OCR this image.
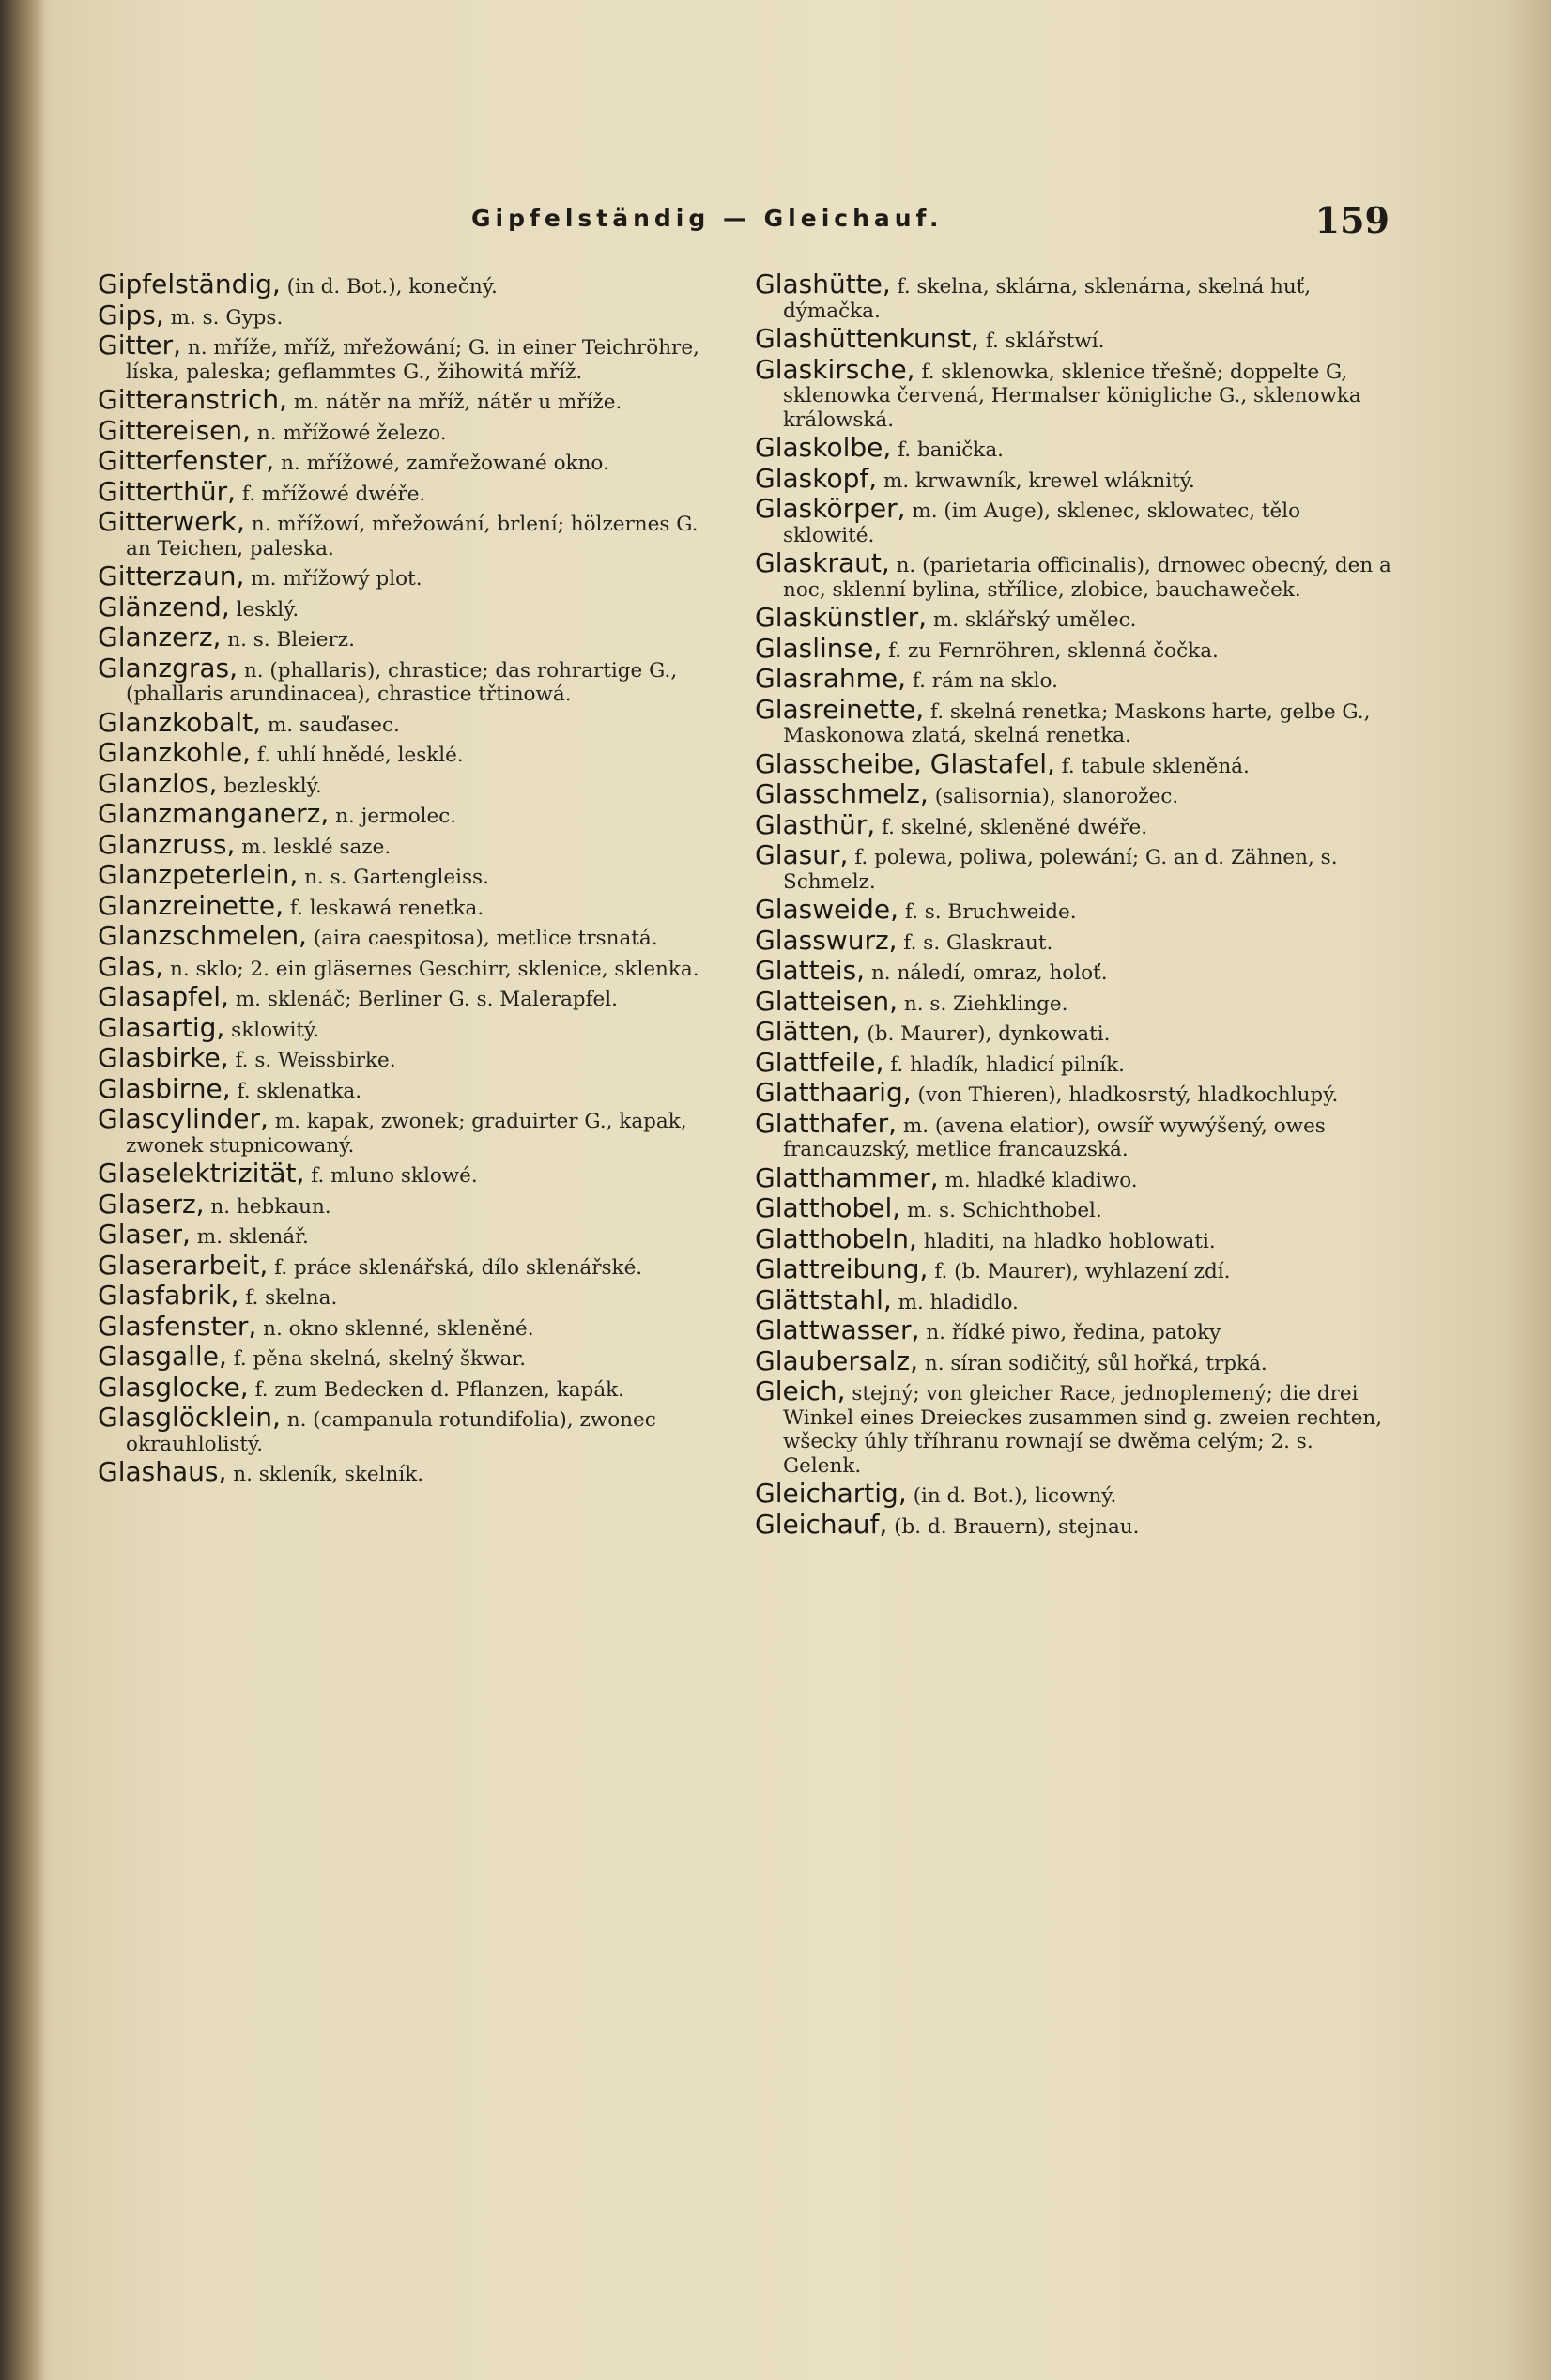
Gipfelständig — Gleichauf.	159

Gipfelständig, (in d. Bot.), konečný.

Gips, m. s. Gyps.

Gitter, n. mříže, mříž, mřežowání; G. in einer Teichröhre, líska, paleska; geflammtes G., žihowitá mříž.

Gitteranstrich, m. nátěr na mříž, nátěr u mříže.

Gittereisen, n. mřížowé železo.

Gitterfenster, n. mřížowé, zamřežowané okno.

Gitterthür, f. mřížowé dwéře.

Gitterwerk, n. mřížowí, mřežowání, brlení; hölzernes G. an Teichen, paleska.

Gitterzaun, m. mřížowý plot.

Glänzend, lesklý.

Glanzerz, n. s. Bleierz.

Glanzgras, n. (phallaris), chrastice; das rohrartige G., (phallaris arundinacea), chrastice třtinowá.

Glanzkobalt, m. sauďasec.

Glanzkohle, f. uhlí hnědé, lesklé.

Glanzlos, bezlesklý.

Glanzmanganerz, n. jermolec.

Glanzruss, m. lesklé saze.

Glanzpeterlein, n. s. Gartengleiss.

Glanzreinette, f. leskawá renetka.

Glanzschmelen, (aira caespitosa), metlice trsnatá.

Glas, n. sklo; 2. ein gläsernes Geschirr, sklenice, sklenka.

Glasapfel, m. sklenáč; Berliner G. s. Malerapfel.

Glasartig, sklowitý.

Glasbirke, f. s. Weissbirke.

Glasbirne, f. sklenatka.

Glascylinder, m. kapak, zwonek; graduirter G., kapak, zwonek stupnicowaný.

Glaselektrizität, f. mluno sklowé.

Glaserz, n. hebkaun.

Glaser, m. sklenář.

Glaserarbeit, f. práce sklenářská, dílo sklenářské.

Glasfabrik, f. skelna.

Glasfenster, n. okno sklenné, skleněné.

Glasgalle, f. pěna skelná, skelný škwar.

Glasglocke, f. zum Bedecken d. Pflanzen, kapák.

Glasglöcklein, n. (campanula rotundifolia), zwonec okrauhlolistý.

Glashaus, n. skleník, skelník.

Glashütte, f. skelna, sklárna, sklenárna, skelná huť, dýmačka.

Glashüttenkunst, f. sklářstwí.

Glaskirsche, f. sklenowka, sklenice třešně; doppelte G, sklenowka červená, Hermalser königliche G., sklenowka králowská.

Glaskolbe, f. banička.

Glaskopf, m. krwawník, krewel wláknitý.

Glaskörper, m. (im Auge), sklenec, sklowatec, tělo sklowité.

Glaskraut, n. (parietaria officinalis), drnowec obecný, den a noc, sklenní bylina, střílice, zlobice, bauchaweček.

Glaskünstler, m. sklářský umělec.

Glaslinse, f. zu Fernröhren, sklenná čočka.

Glasrahme, f. rám na sklo.

Glasreinette, f. skelná renetka; Maskons harte, gelbe G., Maskonowa zlatá, skelná renetka.

Glasscheibe, Glastafel, f. tabule skleněná.

Glasschmelz, (salisornia), slanorožec.

Glasthür, f. skelné, skleněné dwéře.

Glasur, f. polewa, poliwa, polewání; G. an d. Zähnen, s. Schmelz.

Glasweide, f. s. Bruchweide.

Glasswurz, f. s. Glaskraut.

Glatteis, n. náledí, omraz, holoť.

Glatteisen, n. s. Ziehklinge.

Glätten, (b. Maurer), dynkowati.

Glattfeile, f. hladík, hladicí pilník.

Glatthaarig, (von Thieren), hladkosrstý, hladkochlupý.

Glatthafer, m. (avena elatior), owsíř wywýšený, owes francauzský, metlice francauzská.

Glatthammer, m. hladké kladiwo.

Glatthobel, m. s. Schichthobel.

Glatthobeln, hladiti, na hladko hoblowati.

Glattreibung, f. (b. Maurer), wyhlazení zdí.

Glättstahl, m. hladidlo.

Glattwasser, n. řídké piwo, ředina, patoky

Glaubersalz, n. síran sodičitý, sůl hořká, trpká.

Gleich, stejný; von gleicher Race, jednoplemený; die drei Winkel eines Dreieckes zusammen sind g. zweien rechten, wšecky úhly tříhranu rownají se dwěma celým; 2. s. Gelenk.

Gleichartig, (in d. Bot.), licowný.

Gleichauf, (b. d. Brauern), stejnau.
